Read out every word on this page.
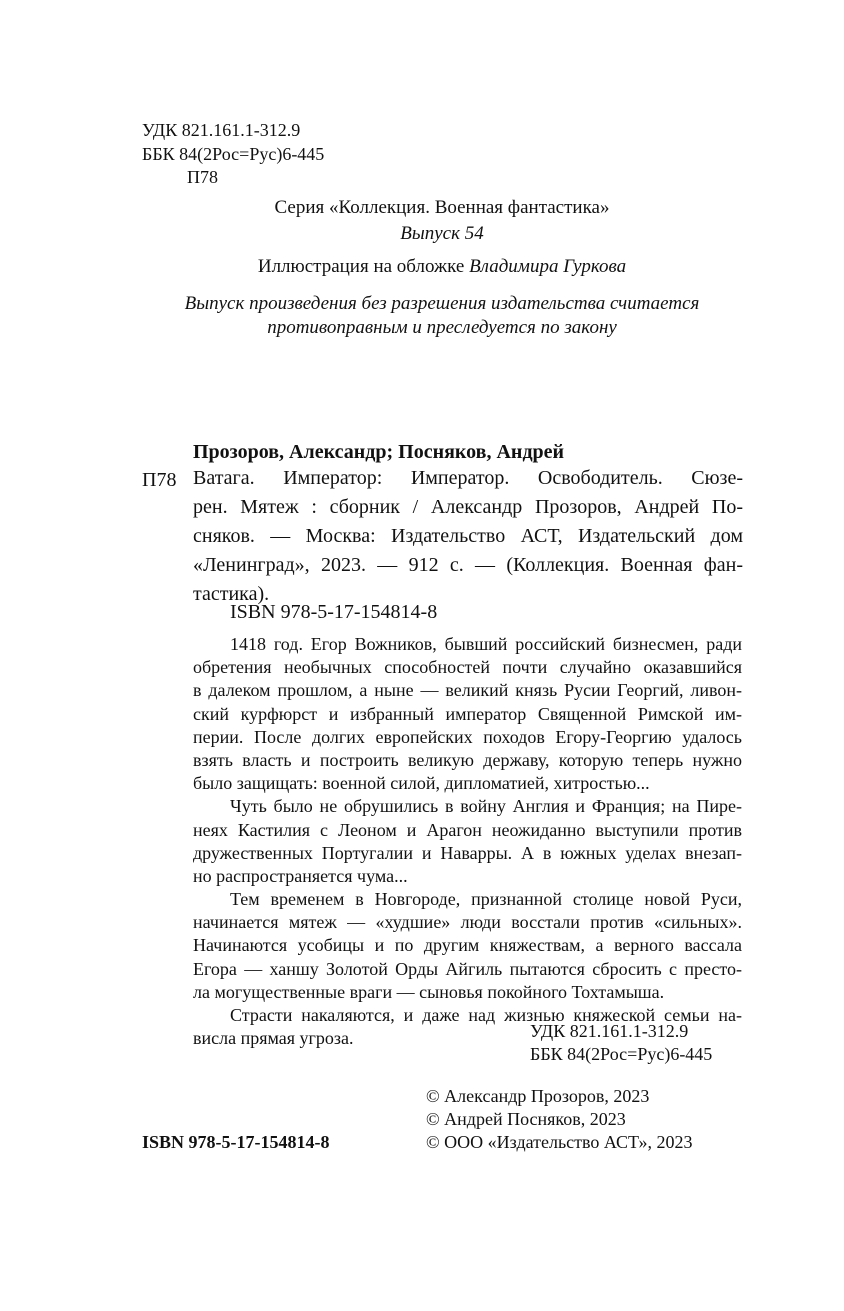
УДК 821.161.1-312.9
ББК 84(2Рос=Рус)6-445
П78
Серия «Коллекция. Военная фантастика»
Выпуск 54
Иллюстрация на обложке Владимира Гуркова
Выпуск произведения без разрешения издательства считается
противоправным и преследуется по закону
Прозоров, Александр; Посняков, Андрей
П78 Ватага. Император: Император. Освободитель. Сюзе-
рен. Мятеж : сборник / Александр Прозоров, Андрей По-
сняков. — Москва: Издательство АСТ, Издательский дом
«Ленинград», 2023. — 912 с. — (Коллекция. Военная фан-
тастика).
ISBN 978-5-17-154814-8
1418 год. Егор Вожников, бывший российский бизнесмен, ради
обретения необычных способностей почти случайно оказавшийся
в далеком прошлом, а ныне — великий князь Русии Георгий, ливон-
ский курфюрст и избранный император Священной Римской им-
перии. После долгих европейских походов Егору-Георгию удалось
взять власть и построить великую державу, которую теперь нужно
было защищать: военной силой, дипломатией, хитростью...
Чуть было не обрушились в войну Англия и Франция; на Пире-
неях Кастилия с Леоном и Арагон неожиданно выступили против
дружественных Португалии и Наварры. А в южных уделах внезап-
но распространяется чума...
Тем временем в Новгороде, признанной столице новой Руси,
начинается мятеж — «худшие» люди восстали против «сильных».
Начинаются усобицы и по другим княжествам, а верного вассала
Егора — ханшу Золотой Орды Айгиль пытаются сбросить с престо-
ла могущественные враги — сыновья покойного Тохтамыша.
Страсти накаляются, и даже над жизнью княжеской семьи на-
висла прямая угроза.	УДК 821.161.1-312.9
ББК 84(2Рос=Рус)6-445
© Александр Прозоров, 2023
© Андрей Посняков, 2023
© ООО «Издательство АСТ», 2023
ISBN 978-5-17-154814-8
